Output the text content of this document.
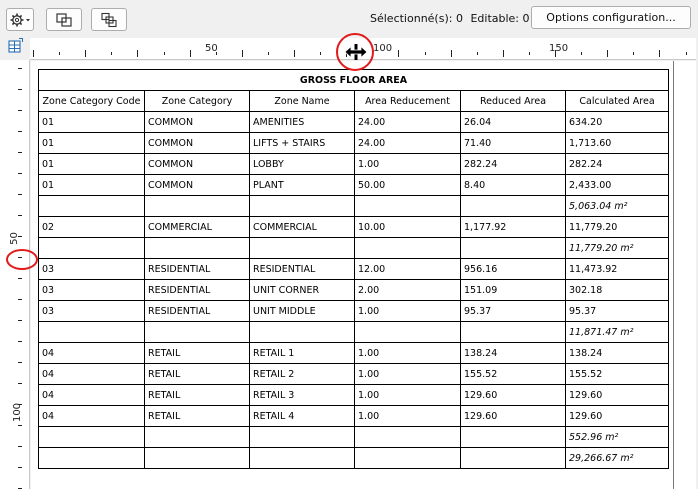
Sélectionné(s): 0 Editable: 0	Options configuration...
50	100	150
50
100
GROSS FLOOR AREA					
Zone Category Code	Zone Category	Zone Name	Area Reducement	Reduced Area	Calculated Area
01	COMMON	AMENITIES	24.00	26.04	634.20
01	COMMON	LIFTS + STAIRS	24.00	71.40	1,713.60
01	COMMON	LOBBY	1.00	282.24	282.24
01	COMMON	PLANT	50.00	8.40	2,433.00
					5,063.04 m²
02	COMMERCIAL	COMMERCIAL	10.00	1,177.92	11,779.20
					11,779.20 m²
03	RESIDENTIAL	RESIDENTIAL	12.00	956.16	11,473.92
03	RESIDENTIAL	UNIT CORNER	2.00	151.09	302.18
03	RESIDENTIAL	UNIT MIDDLE	1.00	95.37	95.37
					11,871.47 m²
04	RETAIL	RETAIL 1	1.00	138.24	138.24
04	RETAIL	RETAIL 2	1.00	155.52	155.52
04	RETAIL	RETAIL 3	1.00	129.60	129.60
04	RETAIL	RETAIL 4	1.00	129.60	129.60
					552.96 m²
					29,266.67 m²
